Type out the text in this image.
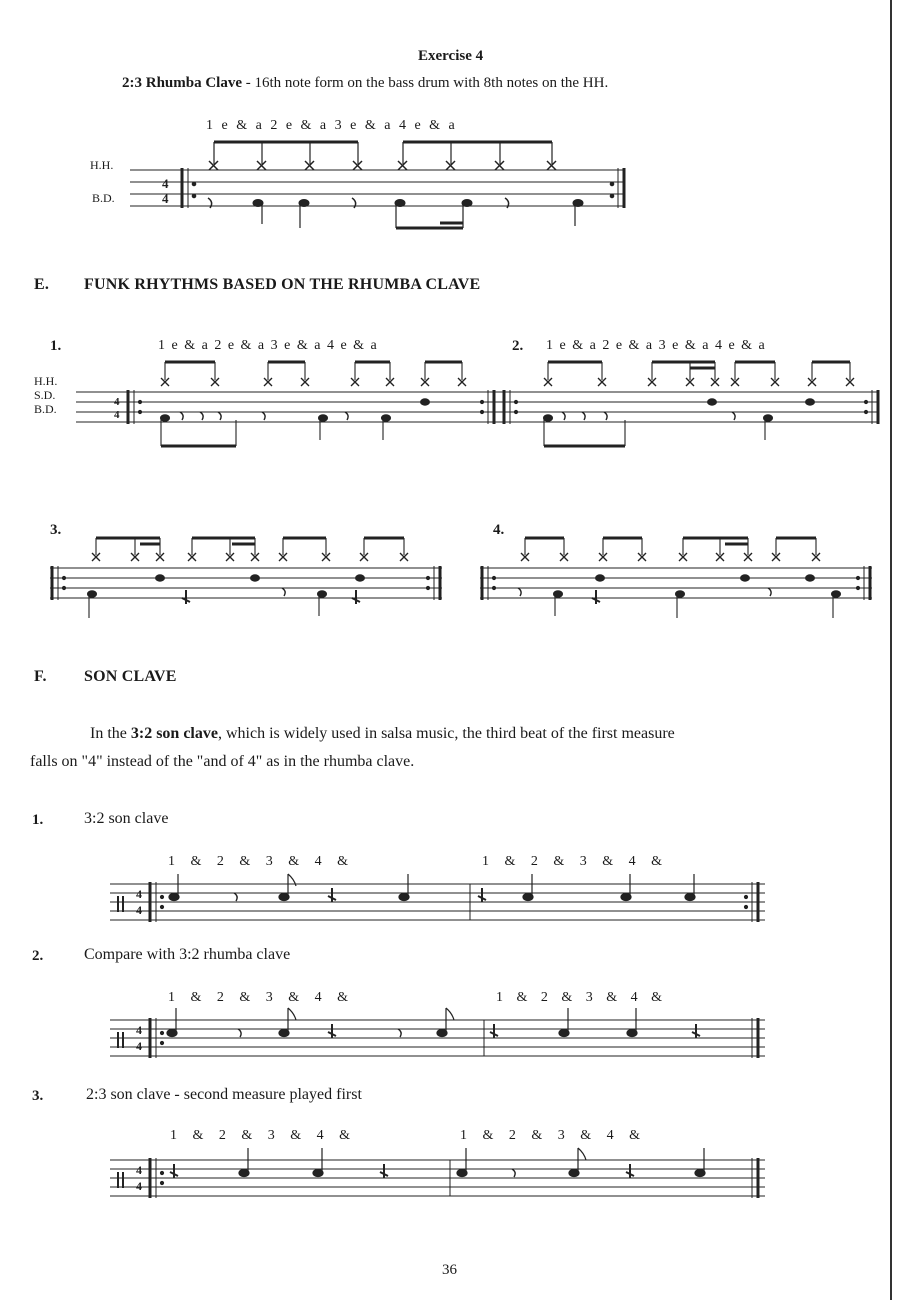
Exercise 4
2:3 Rhumba Clave - 16th note form on the bass drum with 8th notes on the HH.
1 e & a 2 e & a 3 e & a 4 e & a
H.H.
B.D.
E. FUNK RHYTHMS BASED ON THE RHUMBA CLAVE
1.	1 e & a 2 e & a 3 e & a 4 e & a	2. 1 e & a 2 e & a 3 e & a 4 e & a
H.H.
S.D.
B.D.
3.	4.
F. SON CLAVE
In the 3:2 son clave, which is widely used in salsa music, the third beat of the first measure
falls on "4" instead of the "and of 4" as in the rhumba clave.
1.	3:2 son clave
1 & 2 & 3 & 4 &	1 & 2 & 3 & 4 &
2.	Compare with 3:2 rhumba clave
1 & 2 & 3 & 4 &	1 & 2 & 3 & 4 &
3.	2:3 son clave - second measure played first
1 & 2 & 3 & 4 &	1 & 2 & 3 & 4 &
36
4
4
4
4
4
4
4
4
4
4
